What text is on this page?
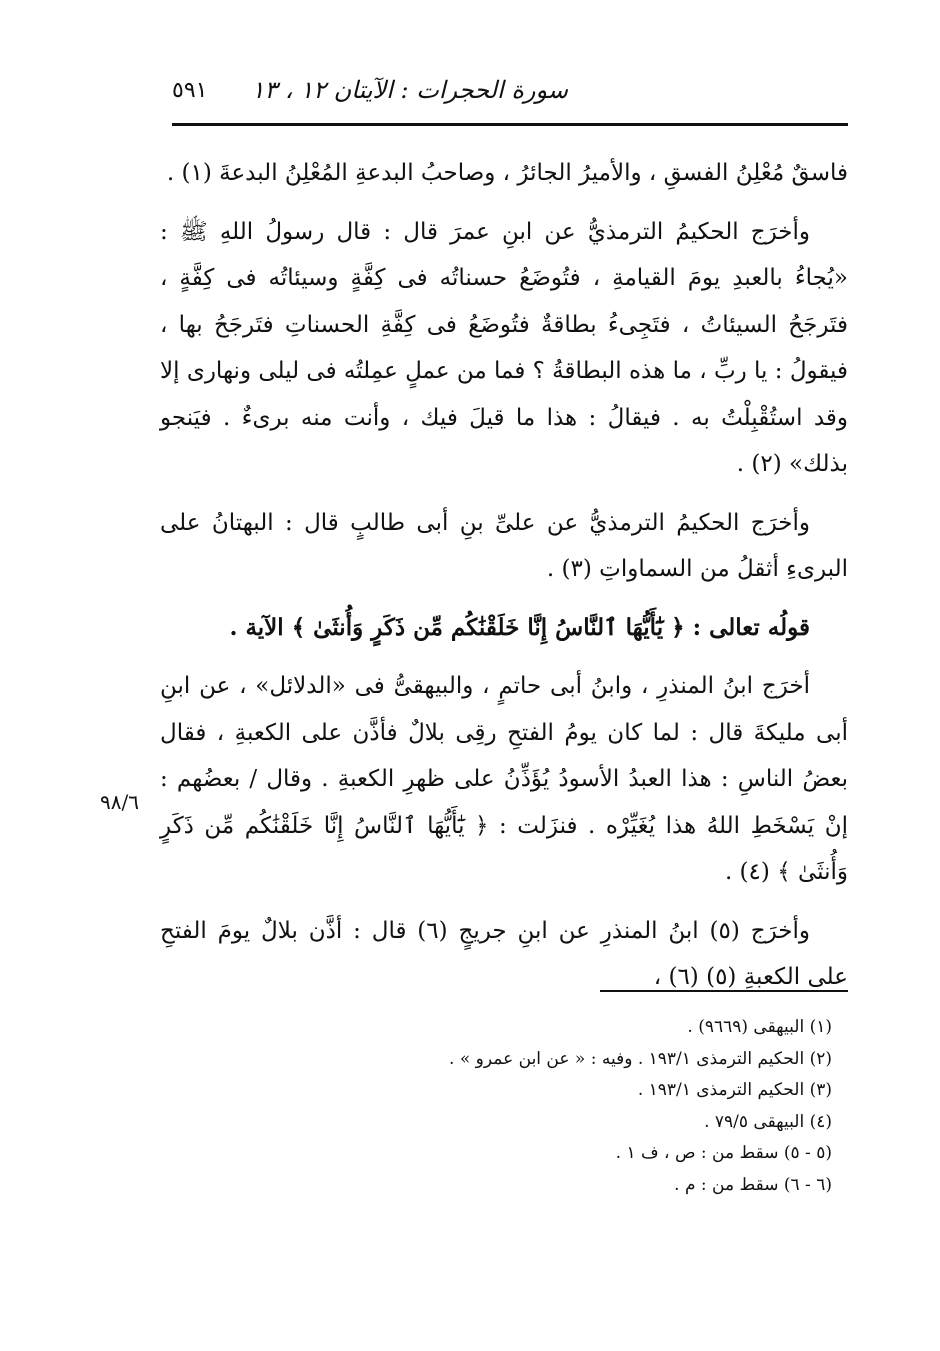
٥٩١ سورة الحجرات : الآيتان ١٢ ، ١٣

فاسقٌ مُعْلِنُ الفسقِ ، والأميرُ الجائرُ ، وصاحبُ البدعةِ المُعْلِنُ البدعةَ (١) .

وأخرَج الحكيمُ الترمذيُّ عن ابنِ عمرَ قال : قال رسولُ اللهِ ﷺ : «يُجاءُ بالعبدِ يومَ القيامةِ ، فتُوضَعُ حسناتُه فى كِفَّةٍ وسيئاتُه فى كِفَّةٍ ، فتَرجَحُ السيئاتُ ، فتَجِىءُ بطاقةٌ فتُوضَعُ فى كِفَّةِ الحسناتِ فتَرجَحُ بها ، فيقولُ : يا ربِّ ، ما هذه البطاقةُ ؟ فما من عملٍ عمِلتُه فى ليلى ونهارى إلا وقد استُقْبِلْتُ به . فيقالُ : هذا ما قيلَ فيك ، وأنت منه برىءٌ . فيَنجو بذلك» (٢) .

وأخرَج الحكيمُ الترمذيُّ عن علىِّ بنِ أبى طالبٍ قال : البهتانُ على البرىءِ أثقلُ من السماواتِ (٣) .

قولُه تعالى : ﴿ يَٰٓأَيُّهَا ٱلنَّاسُ إِنَّا خَلَقْنَٰكُم مِّن ذَكَرٍ وَأُنثَىٰ ﴾ الآية .

أخرَج ابنُ المنذرِ ، وابنُ أبى حاتمٍ ، والبيهقىُّ فى «الدلائل» ، عن ابنِ أبى مليكةَ قال : لما كان يومُ الفتحِ رقِى بلالٌ فأذَّن على الكعبةِ ، فقال بعضُ الناسِ : هذا العبدُ الأسودُ يُؤَذِّنُ على ظهرِ الكعبةِ . وقال / بعضُهم : إنْ يَسْخَطِ اللهُ هذا يُغَيِّرْه . فنزَلت : ﴿ يَٰٓأَيُّهَا ٱلنَّاسُ إِنَّا خَلَقْنَٰكُم مِّن ذَكَرٍ وَأُنثَىٰ ﴾ (٤) .

وأخرَج (٥) ابنُ المنذرِ عن ابنِ جريجٍ (٦) قال : أذَّن بلالٌ يومَ الفتحِ على الكعبةِ (٥) (٦) ،

٩٨/٦

(١) البيهقى (٩٦٦٩) .

(٢) الحكيم الترمذى ١٩٣/١ . وفيه : « عن ابن عمرو » .

(٣) الحكيم الترمذى ١٩٣/١ .

(٤) البيهقى ٧٩/٥ .

(٥ - ٥) سقط من : ص ، ف ١ .

(٦ - ٦) سقط من : م .
